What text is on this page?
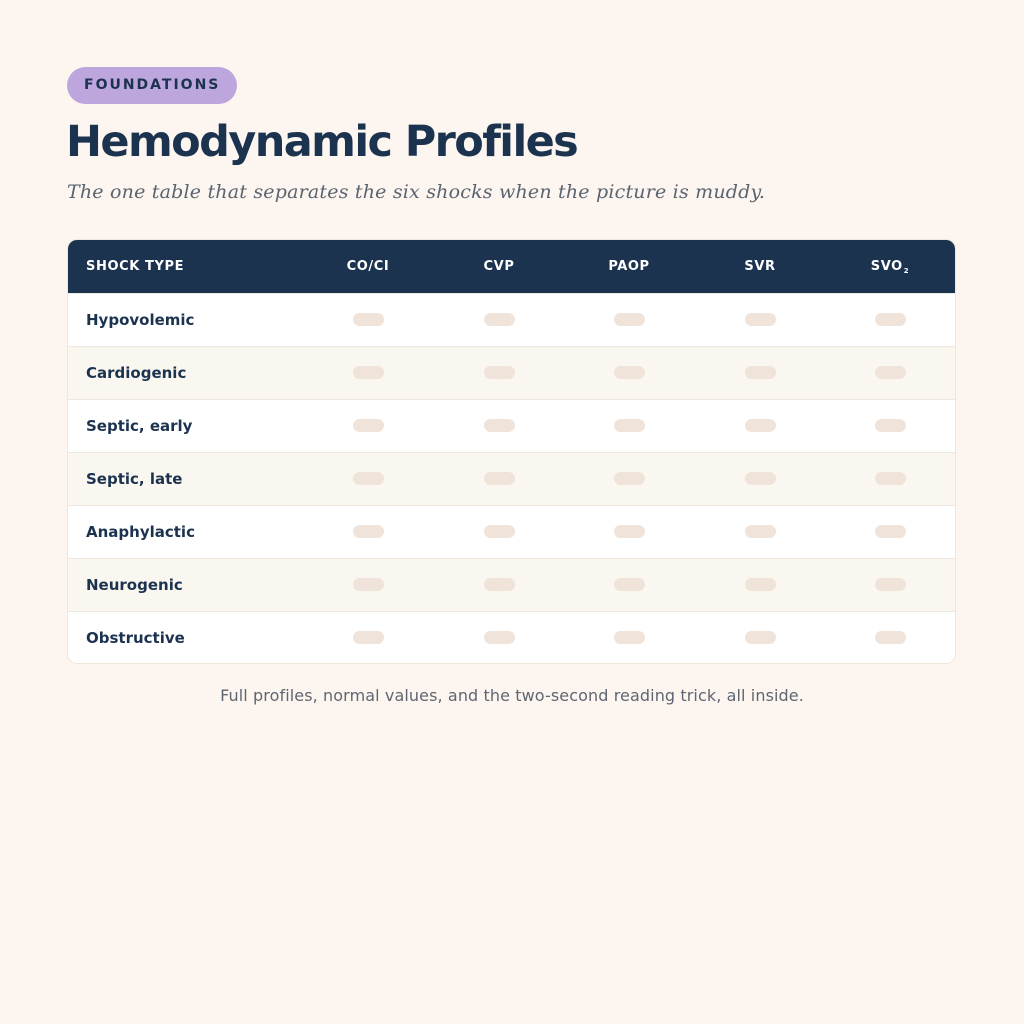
FOUNDATIONS
Hemodynamic Profiles

The one table that separates the six shocks when the picture is muddy.

SHOCK TYPE	CO/CI	CVP	PAOP	SVR	$SVO_2$
Hypovolemic
Cardiogenic
Septic, early
Septic, late
Anaphylactic
Neurogenic
Obstructive

Full profiles, normal values, and the two-second reading trick, all inside.
